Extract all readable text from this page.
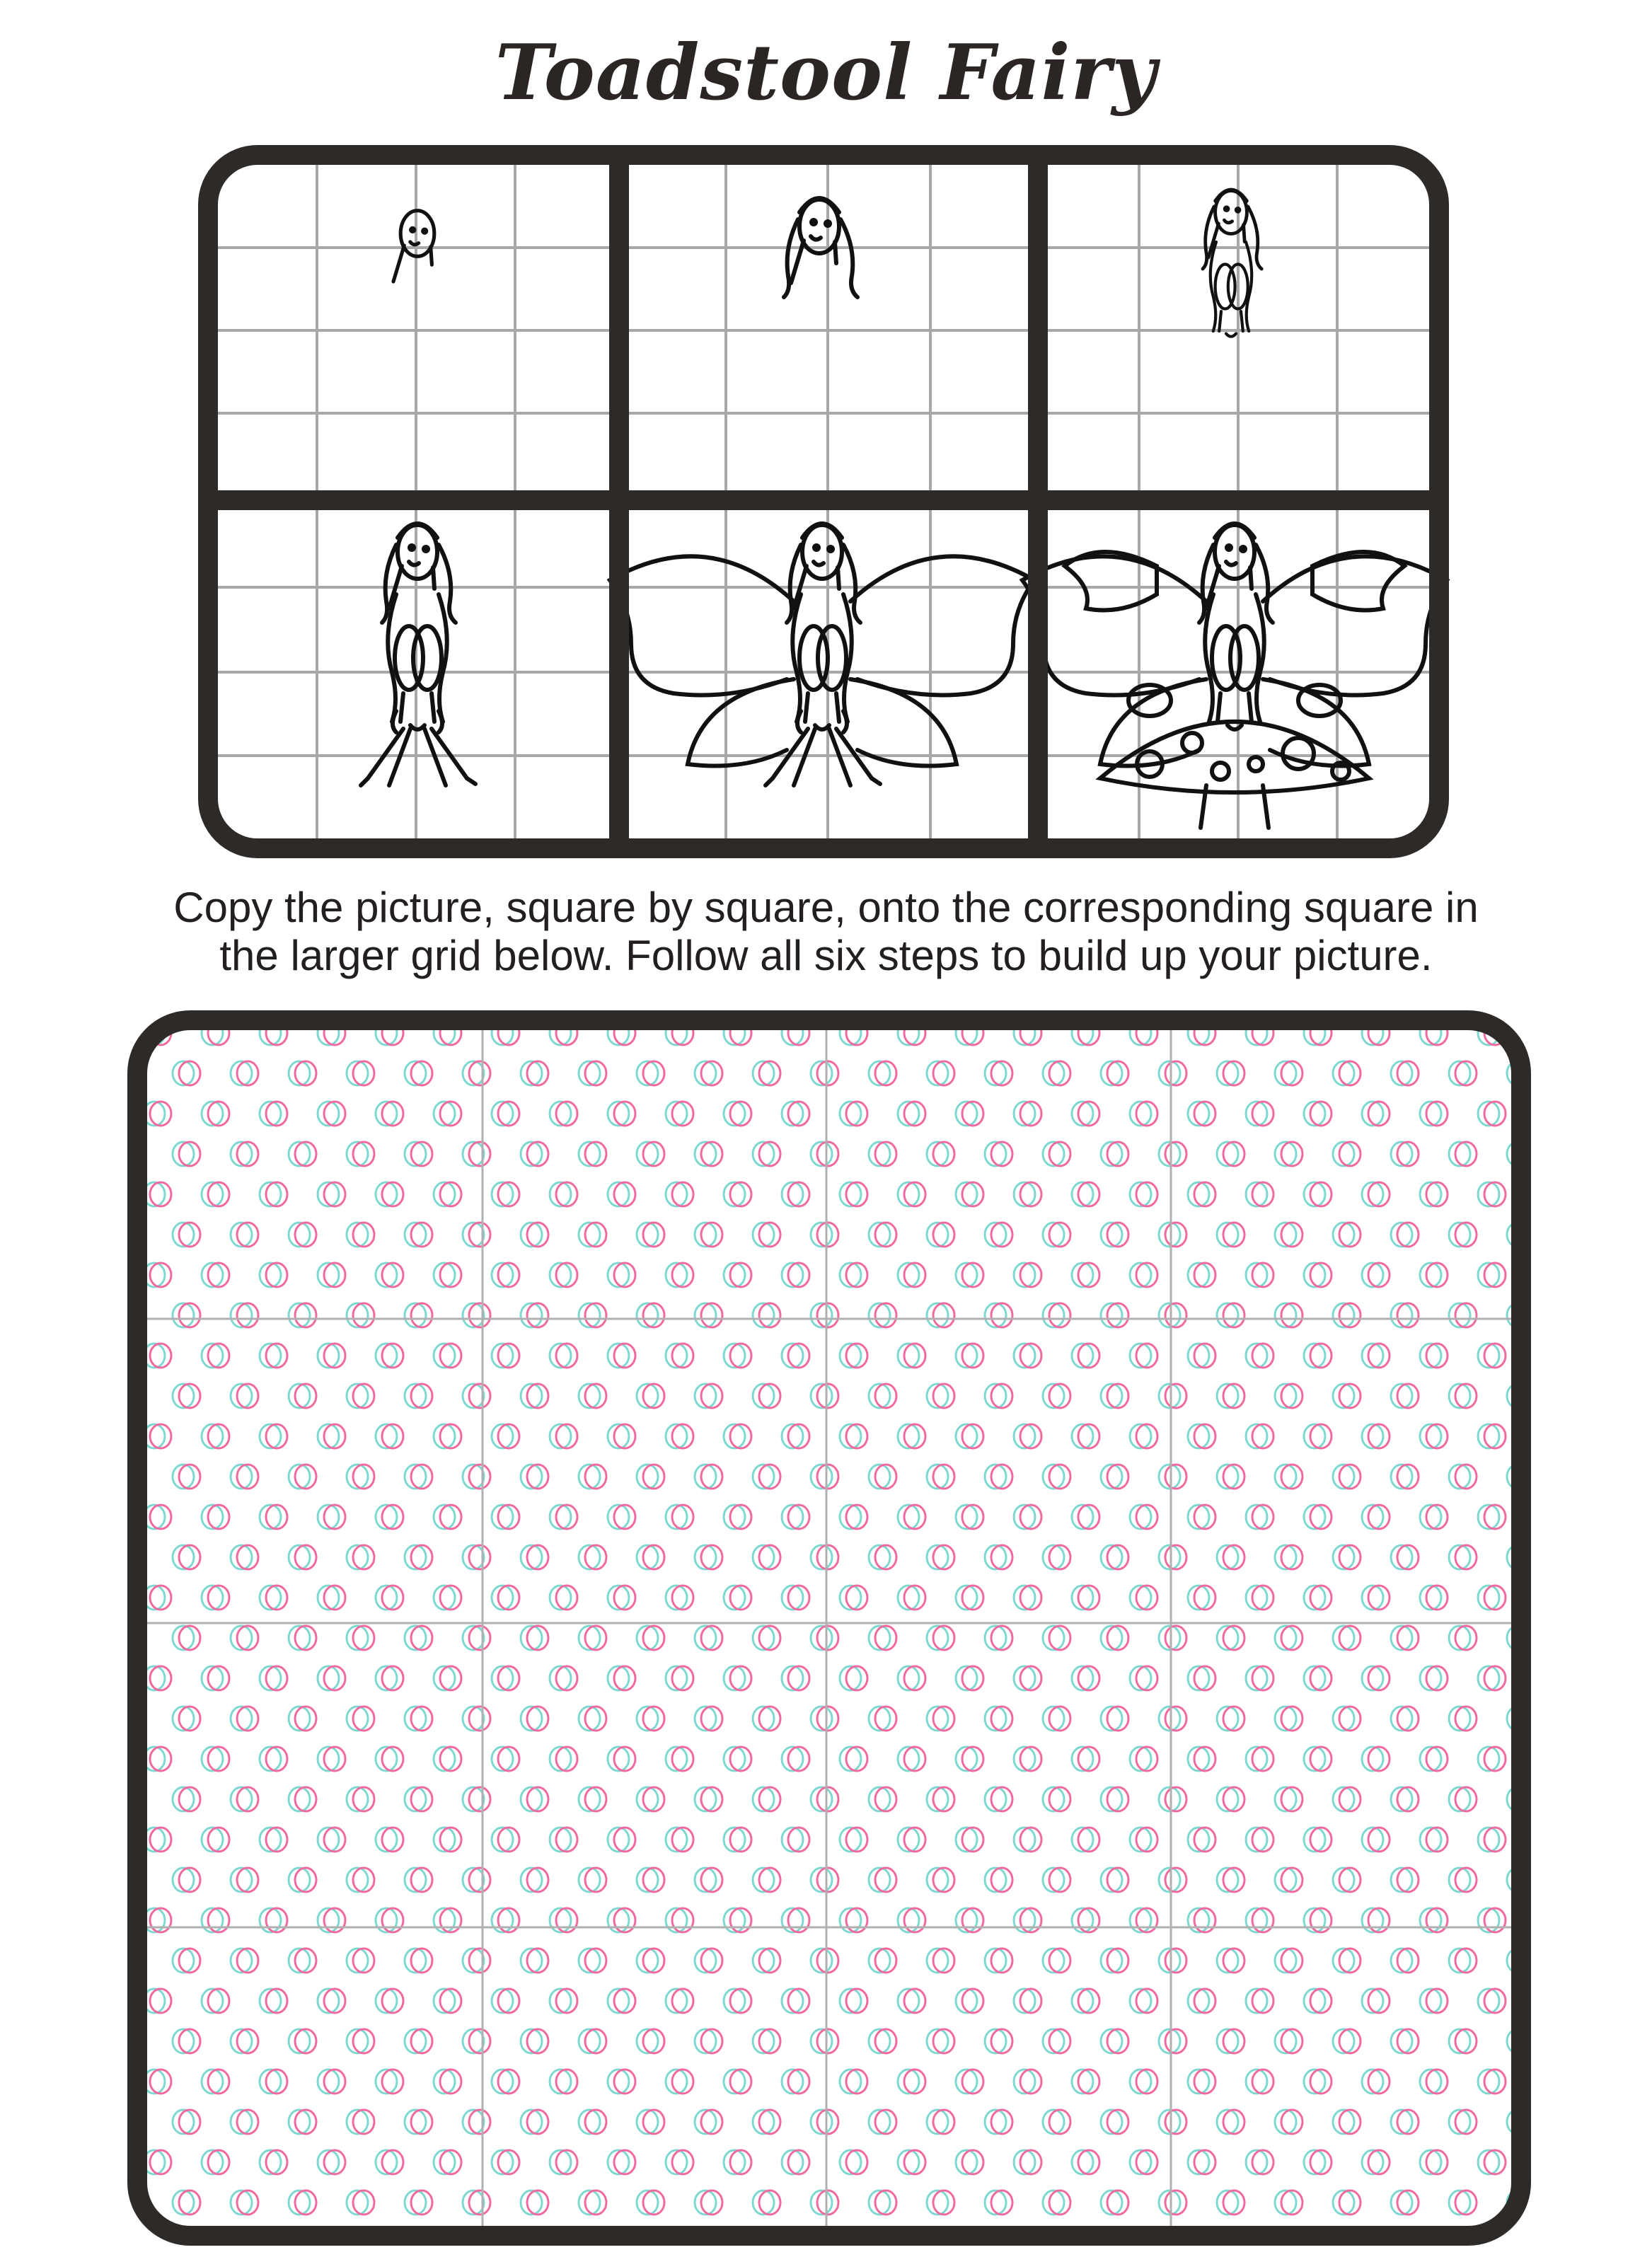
Toadstool Fairy
Copy the picture, square by square, onto the corresponding square in
the larger grid below. Follow all six steps to build up your picture.
